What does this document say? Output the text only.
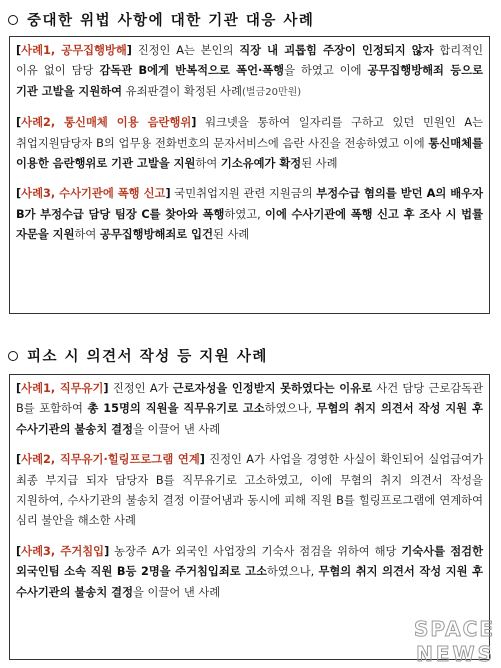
중대한 위법 사항에 대한 기관 대응 사례

[사례1, 공무집행방해] 진정인 A는 본인의 직장 내 괴롭힘 주장이 인정되지 않자 합리적인 이유 없이 담당 감독관 B에게 반복적으로 폭언·폭행을 하였고 이에 공무집행방해죄 등으로 기관 고발을 지원하여 유죄판결이 확정된 사례(벌금20만원)

[사례2, 통신매체 이용 음란행위] 워크넷을 통하여 일자리를 구하고 있던 민원인 A는 취업지원담당자 B의 업무용 전화번호의 문자서비스에 음란 사진을 전송하였고 이에 통신매체를 이용한 음란행위로 기관 고발을 지원하여 기소유예가 확정된 사례

[사례3, 수사기관에 폭행 신고] 국민취업지원 관련 지원금의 부정수급 혐의를 받던 A의 배우자 B가 부정수급 담당 팀장 C를 찾아와 폭행하였고, 이에 수사기관에 폭행 신고 후 조사 시 법률 자문을 지원하여 공무집행방해죄로 입건된 사례

피소 시 의견서 작성 등 지원 사례

[사례1, 직무유기] 진정인 A가 근로자성을 인정받지 못하였다는 이유로 사건 담당 근로감독관 B를 포함하여 총 15명의 직원을 직무유기로 고소하였으나, 무혐의 취지 의견서 작성 지원 후 수사기관의 불송치 결정을 이끌어 낸 사례

[사례2, 직무유기·힐링프로그램 연계] 진정인 A가 사업을 경영한 사실이 확인되어 실업급여가 최종 부지급 되자 담당자 B를 직무유기로 고소하였고, 이에 무혐의 취지 의견서 작성을 지원하여, 수사기관의 불송치 결정 이끌어냄과 동시에 피해 직원 B를 힐링프로그램에 연계하여 심리 불안을 해소한 사례

[사례3, 주거침입] 농장주 A가 외국인 사업장의 기숙사 점검을 위하여 해당 기숙사를 점검한 외국인팀 소속 직원 B등 2명을 주거침입죄로 고소하였으나, 무혐의 취지 의견서 작성 지원 후 수사기관의 불송치 결정을 이끌어 낸 사례

SPACE
NEWS
